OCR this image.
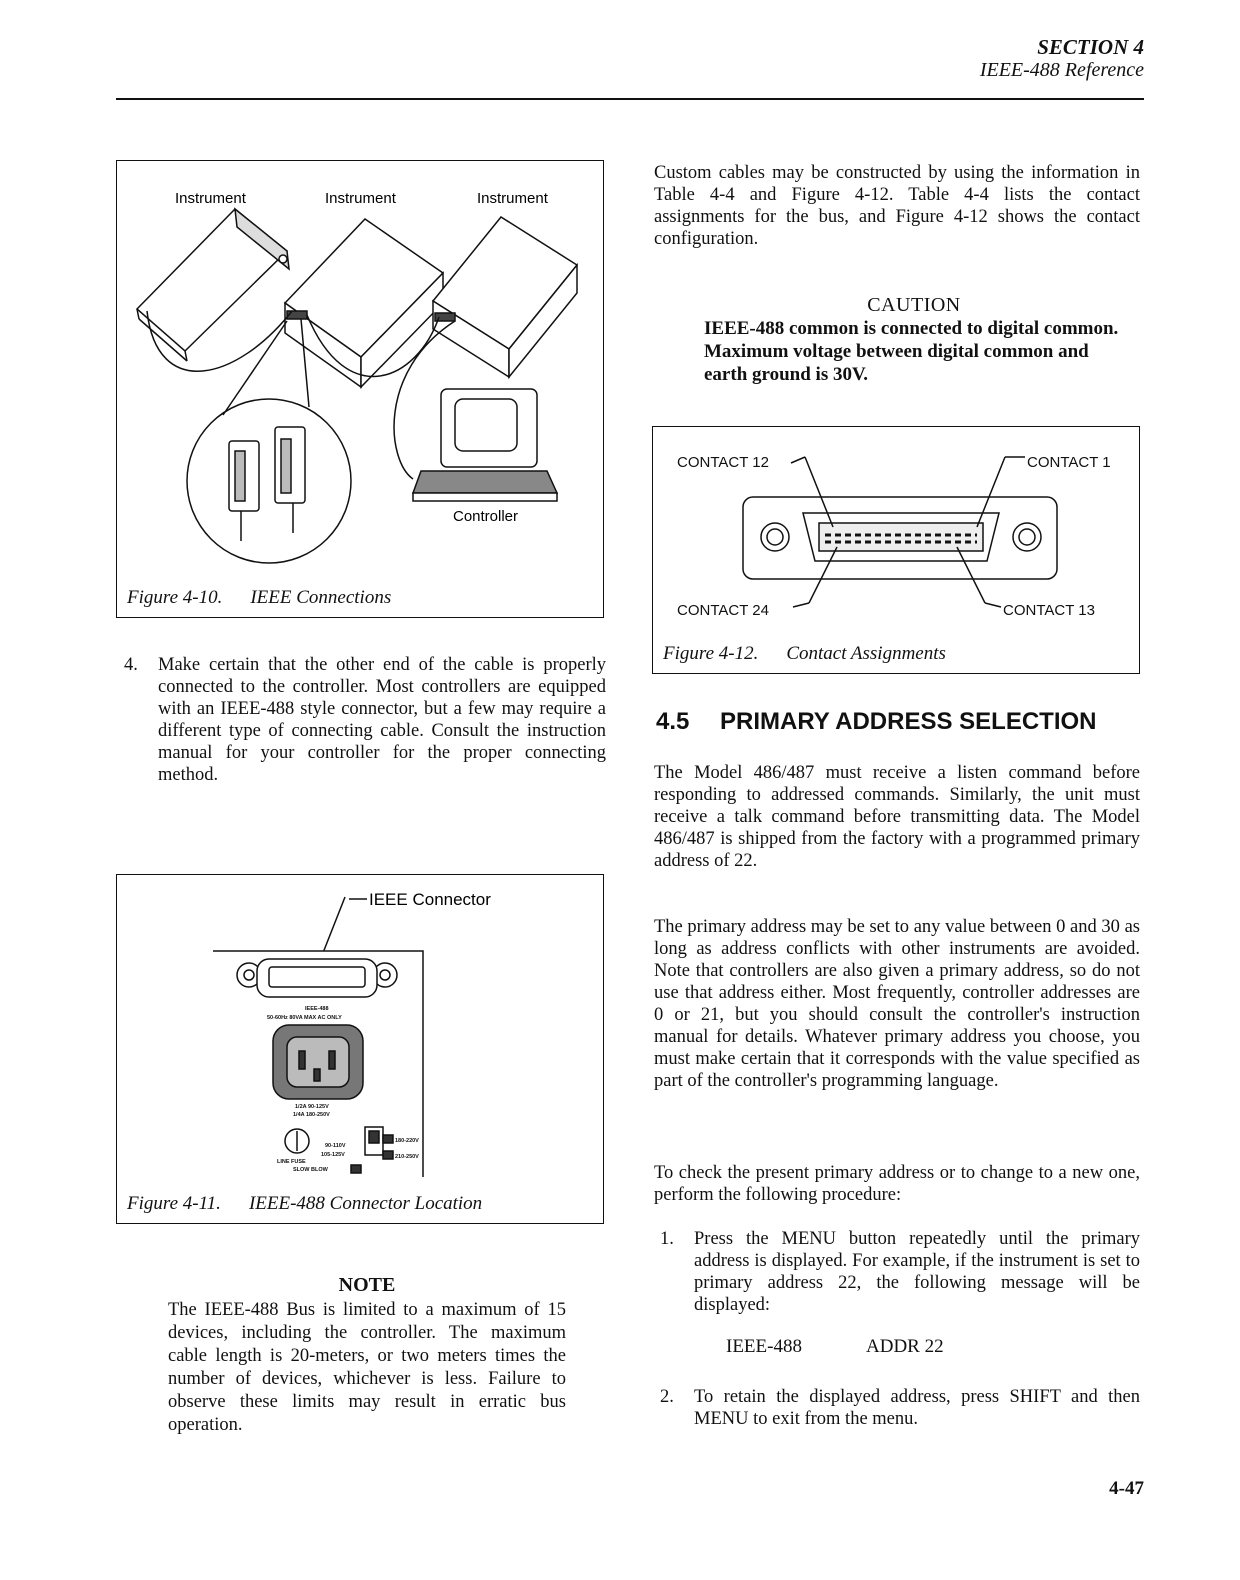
SECTION 4
IEEE-488 Reference
Instrument	Instrument	Instrument
Controller
Figure 4-10. IEEE Connections
4. Make certain that the other end of the cable is properly connected to the controller. Most controllers are equipped with an IEEE-488 style connector, but a few may require a different type of connecting cable. Consult the instruction manual for your controller for the proper connecting method.
IEEE-488
50-60Hz 80VA MAX AC ONLY
1/2A 90-125V
1/4A 180-250V
LINE FUSE
SLOW BLOW
90-110V
105-125V
180-220V
210-250V
IEEE Connector
Figure 4-11. IEEE-488 Connector Location
NOTE
The IEEE-488 Bus is limited to a maximum of 15 devices, including the controller. The maximum cable length is 20-meters, or two meters times the number of devices, whichever is less. Failure to observe these limits may result in erratic bus operation.
Custom cables may be constructed by using the information in Table 4-4 and Figure 4-12. Table 4-4 lists the contact assignments for the bus, and Figure 4-12 shows the contact configuration.
CAUTION
IEEE-488 common is connected to digital common. Maximum voltage between digital common and earth ground is 30V.
CONTACT 12	CONTACT 1
CONTACT 24	CONTACT 13
Figure 4-12. Contact Assignments
4.5 PRIMARY ADDRESS SELECTION
The Model 486/487 must receive a listen command before responding to addressed commands. Similarly, the unit must receive a talk command before transmitting data. The Model 486/487 is shipped from the factory with a programmed primary address of 22.
The primary address may be set to any value between 0 and 30 as long as address conflicts with other instruments are avoided. Note that controllers are also given a primary address, so do not use that address either. Most frequently, controller addresses are 0 or 21, but you should consult the controller's instruction manual for details. Whatever primary address you choose, you must make certain that it corresponds with the value specified as part of the controller's programming language.
To check the present primary address or to change to a new one, perform the following procedure:
1. Press the MENU button repeatedly until the primary address is displayed. For example, if the instrument is set to primary address 22, the following message will be displayed:
IEEE-488	ADDR 22
2. To retain the displayed address, press SHIFT and then MENU to exit from the menu.
4-47
